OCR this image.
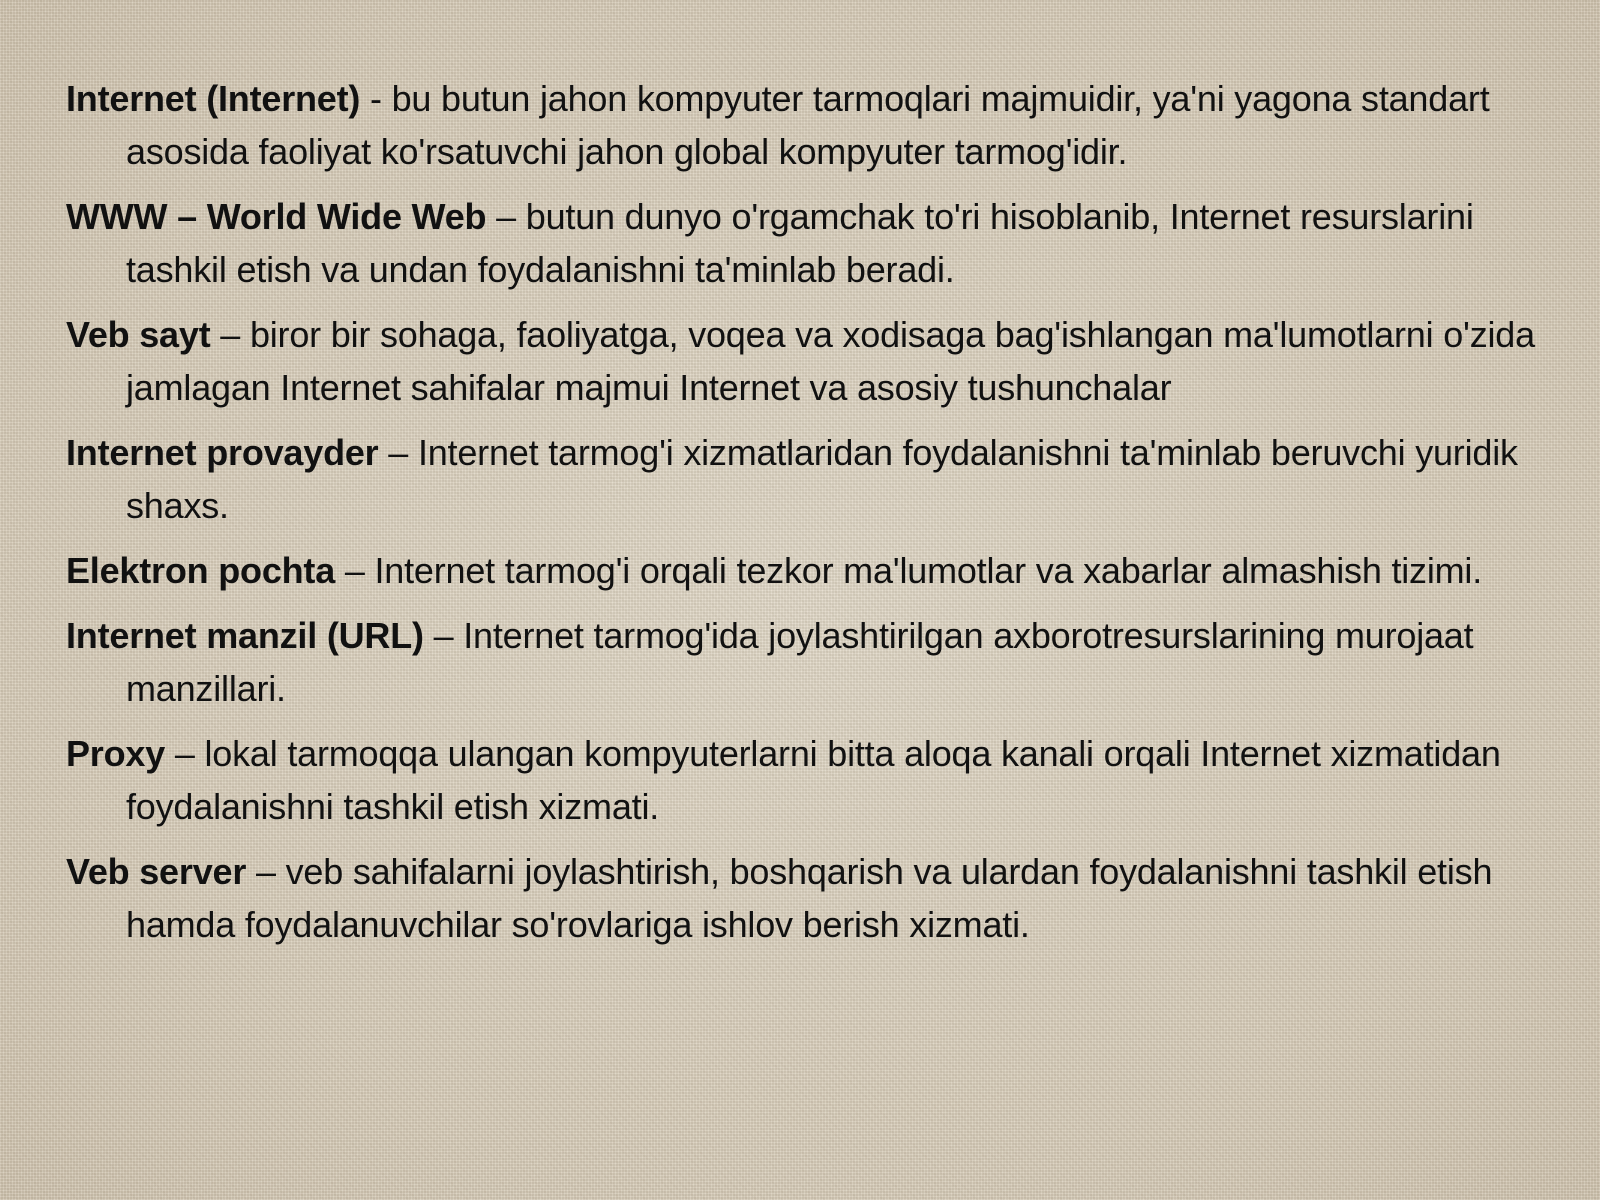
Internet (Internet) - bu butun jahon kompyuter tarmoqlari majmuidir, ya'ni yagona standart asosida faoliyat ko'rsatuvchi jahon global kompyuter tarmog'idir.

WWW – World Wide Web – butun dunyo o'rgamchak to'ri hisoblanib, Internet resurslarini tashkil etish va undan foydalanishni ta'minlab beradi.

Veb sayt – biror bir sohaga, faoliyatga, voqea va xodisaga bag'ishlangan ma'lumotlarni o'zida jamlagan Internet sahifalar majmui Internet va asosiy tushunchalar

Internet provayder – Internet tarmog'i xizmatlaridan foydalanishni ta'minlab beruvchi yuridik shaxs.

Elektron pochta – Internet tarmog'i orqali tezkor ma'lumotlar va xabarlar almashish tizimi.

Internet manzil (URL) – Internet tarmog'ida joylashtirilgan axborotresurslarining murojaat manzillari.

Proxy – lokal tarmoqqa ulangan kompyuterlarni bitta aloqa kanali orqali Internet xizmatidan foydalanishni tashkil etish xizmati.

Veb server – veb sahifalarni joylashtirish, boshqarish va ulardan foydalanishni tashkil etish hamda foydalanuvchilar so'rovlariga ishlov berish xizmati.
